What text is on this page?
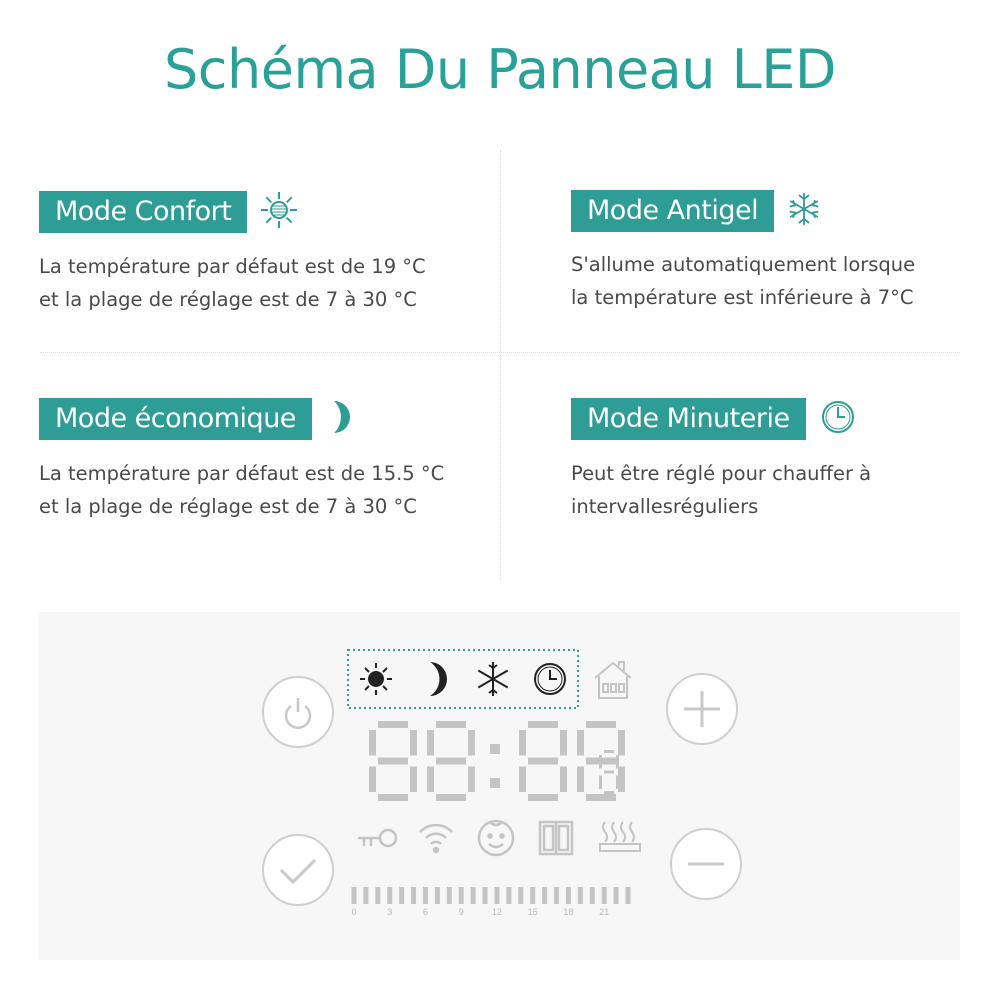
Schéma Du Panneau LED
Mode Confort
La température par défaut est de 19 °C
et la plage de réglage est de 7 à 30 °C
Mode Antigel
S'allume automatiquement lorsque
la température est inférieure à 7°C
Mode économique
La température par défaut est de 15.5 °C
et la plage de réglage est de 7 à 30 °C
Mode Minuterie
Peut être réglé pour chauffer à
intervallesréguliers
0	3	6	9	12	15	18	21
